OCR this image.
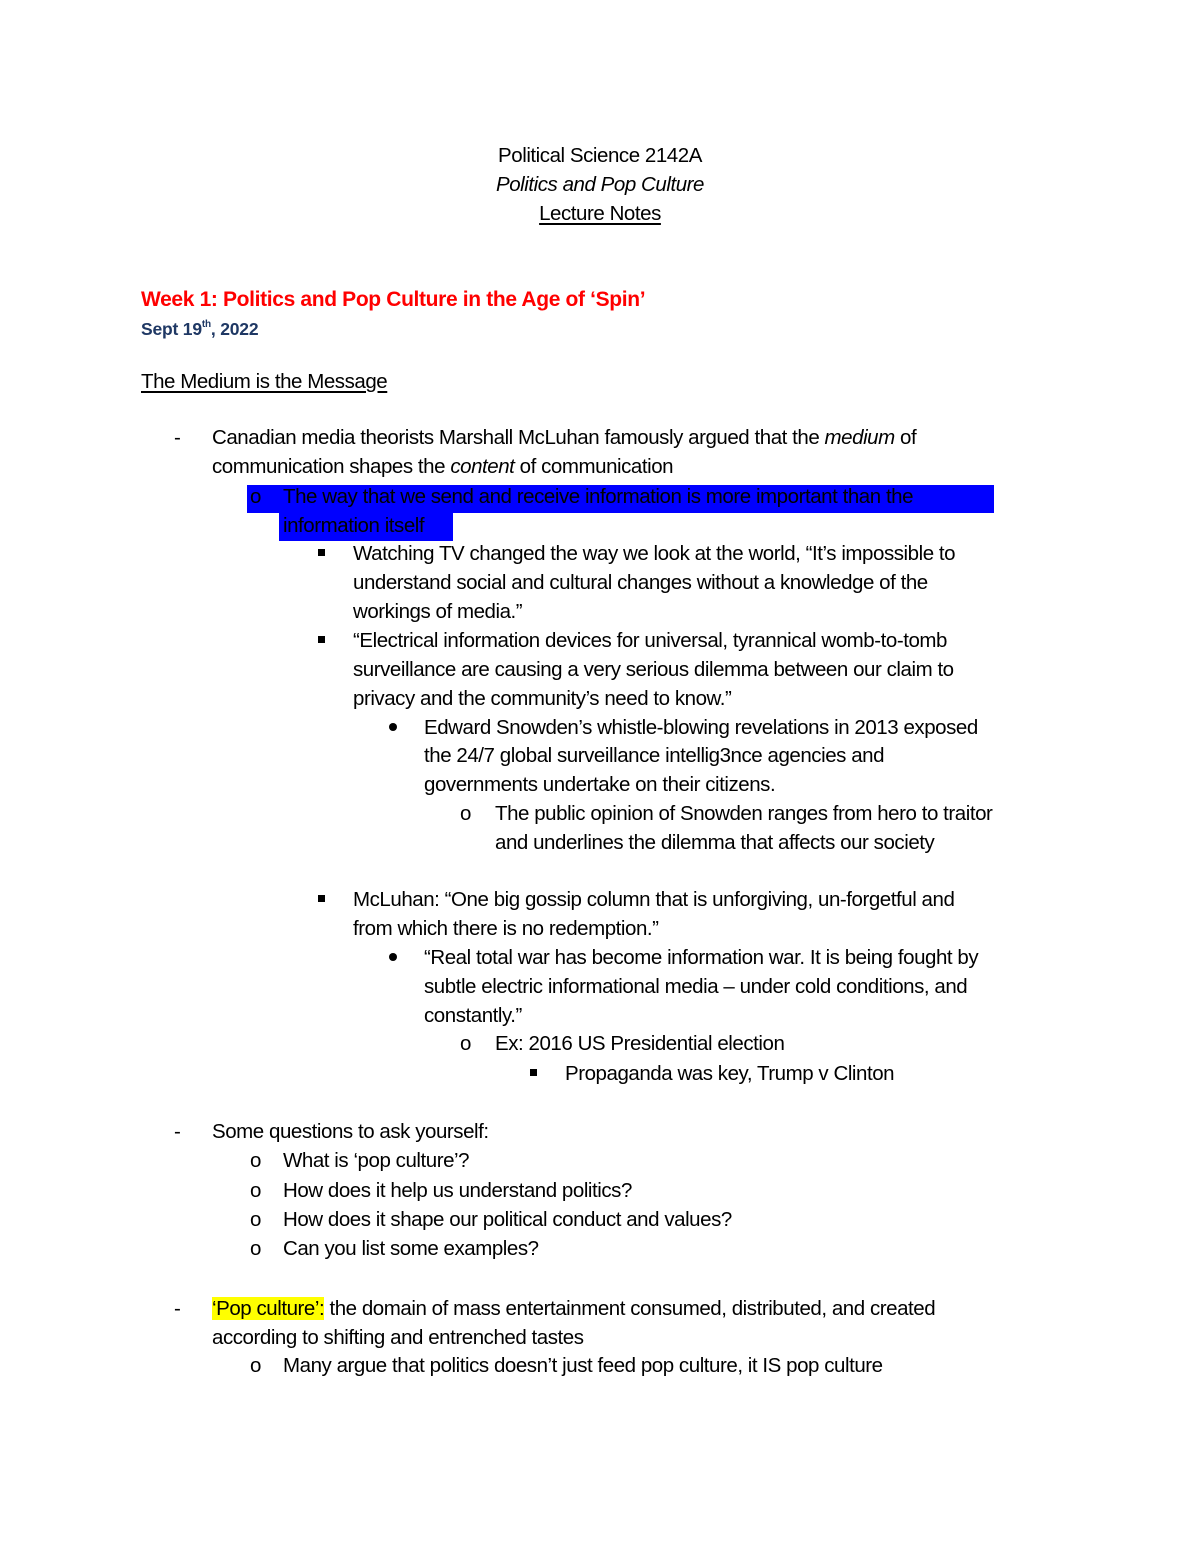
Political Science 2142A
Politics and Pop Culture
Lecture Notes
Week 1: Politics and Pop Culture in the Age of ‘Spin’
Sept 19th, 2022
The Medium is the Message
- Canadian media theorists Marshall McLuhan famously argued that the medium of
communication shapes the content of communication
o The way that we send and receive information is more important than the
information itself
Watching TV changed the way we look at the world, “It’s impossible to
understand social and cultural changes without a knowledge of the
workings of media.”
“Electrical information devices for universal, tyrannical womb-to-tomb
surveillance are causing a very serious dilemma between our claim to
privacy and the community’s need to know.”
Edward Snowden’s whistle-blowing revelations in 2013 exposed
the 24/7 global surveillance intellig3nce agencies and
governments undertake on their citizens.
o The public opinion of Snowden ranges from hero to traitor
and underlines the dilemma that affects our society
McLuhan: “One big gossip column that is unforgiving, un-forgetful and
from which there is no redemption.”
“Real total war has become information war. It is being fought by
subtle electric informational media – under cold conditions, and
constantly.”
o Ex: 2016 US Presidential election
Propaganda was key, Trump v Clinton
- Some questions to ask yourself:
o What is ‘pop culture’?
o How does it help us understand politics?
o How does it shape our political conduct and values?
o Can you list some examples?
- ‘Pop culture’: the domain of mass entertainment consumed, distributed, and created
according to shifting and entrenched tastes
o Many argue that politics doesn’t just feed pop culture, it IS pop culture
